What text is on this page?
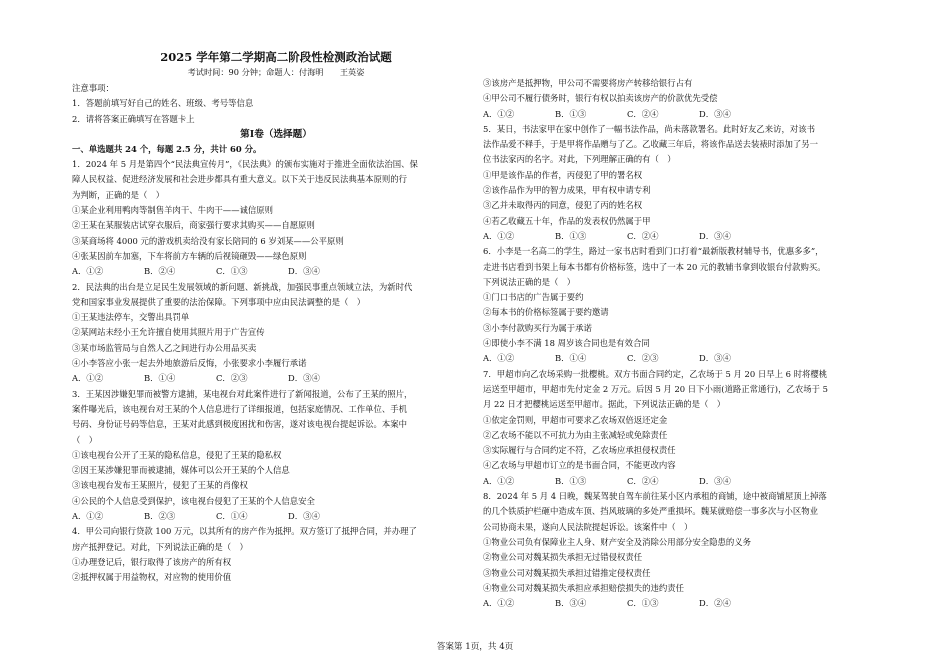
2025 学年第二学期高二阶段性检测政治试题
考试时间：90 分钟；命题人：付海明　　王英姿
注意事项：
1．答题前填写好自己的姓名、班级、考号等信息
2．请将答案正确填写在答题卡上
第Ⅰ卷（选择题）
一、单选题共 24 个，每题 2.5 分，共计 60 分。
1．2024 年 5 月是第四个“民法典宣传月”，《民法典》的颁布实施对于推进全面依法治国、保
障人民权益、促进经济发展和社会进步都具有重大意义。以下关于违反民法典基本原则的行
为判断，正确的是（　）
①某企业利用鸭肉等制售羊肉干、牛肉干——诚信原则
②王某在某服装店试穿衣服后，商家强行要求其购买——自愿原则
③某商场将 4000 元的游戏机卖给没有家长陪同的 6 岁刘某——公平原则
④张某因前车加塞，下车将前方车辆的后视镜砸毁——绿色原则
A．①②	B．②④	C．①③	D．③④
2．民法典的出台是立足民生发展领域的新问题、新挑战，加强民事重点领域立法，为新时代
党和国家事业发展提供了重要的法治保障。下列事项中应由民法调整的是（　）
①王某违法停车，交警出具罚单
②某网站未经小王允许擅自使用其照片用于广告宣传
③某市场监管局与自然人乙之间进行办公用品买卖
④小李答应小张一起去外地旅游后反悔，小张要求小李履行承诺
A．①②	B．①④	C．②③	D．③④
3．王某因涉嫌犯罪而被警方逮捕，某电视台对此案件进行了新闻报道，公布了王某的照片，
案件曝光后，该电视台对王某的个人信息进行了详细报道，包括家庭情况、工作单位、手机
号码、身份证号码等信息，王某对此感到极度困扰和伤害，遂对该电视台提起诉讼。本案中
（　）
①该电视台公开了王某的隐私信息，侵犯了王某的隐私权
②因王某涉嫌犯罪而被逮捕，媒体可以公开王某的个人信息
③该电视台发布王某照片，侵犯了王某的肖像权
④公民的个人信息受到保护，该电视台侵犯了王某的个人信息安全
A．①②	B．②③	C．①④	D．③④
4．甲公司向银行贷款 100 万元，以其所有的房产作为抵押。双方签订了抵押合同，并办理了
房产抵押登记。对此，下列说法正确的是（　）
①办理登记后，银行取得了该房产的所有权
②抵押权属于用益物权，对应物的使用价值
③该房产是抵押物，甲公司不需要将房产转移给银行占有
④甲公司不履行债务时，银行有权以拍卖该房产的价款优先受偿
A．①②	B．①③	C．②④	D．③④
5．某日，书法家甲在家中创作了一幅书法作品，尚未落款署名。此时好友乙来访，对该书
法作品爱不释手，于是甲将作品赠与了乙。乙收藏三年后，将该作品送去装裱时添加了另一
位书法家丙的名字。对此，下列理解正确的有（　）
①甲是该作品的作者，丙侵犯了甲的署名权
②该作品作为甲的智力成果，甲有权申请专利
③乙并未取得丙的同意，侵犯了丙的姓名权
④若乙收藏五十年，作品的发表权仍然属于甲
A．①②	B．①③	C．②④	D．③④
6．小李是一名高二的学生，路过一家书店时看到门口打着“最新版教材辅导书，优惠多多”，
走进书店看到书架上每本书都有价格标签，选中了一本 20 元的教辅书拿到收银台付款购买。
下列说法正确的是（　）
①门口书店的广告属于要约
②每本书的价格标签属于要约邀请
③小李付款购买行为属于承诺
④即使小李不满 18 周岁该合同也是有效合同
A．①②	B．①④	C．②③	D．③④
7．甲超市向乙农场采购一批樱桃。双方书面合同约定，乙农场于 5 月 20 日早上 6 时将樱桃
运送至甲超市，甲超市先付定金 2 万元。后因 5 月 20 日下小雨(道路正常通行)，乙农场于 5
月 22 日才把樱桃运送至甲超市。据此，下列说法正确的是（　）
①依定金罚则，甲超市可要求乙农场双倍返还定金
②乙农场不能以不可抗力为由主张减轻或免除责任
③实际履行与合同约定不符，乙农场应承担侵权责任
④乙农场与甲超市订立的是书面合同，不能更改内容
A．①②	B．①③	C．②④	D．③④
8．2024 年 5 月 4 日晚，魏某驾驶自驾车前往某小区内承租的商铺，途中被商铺屋顶上掉落
的几个铁质护栏砸中造成车顶、挡风玻璃的多处严重损坏。魏某就赔偿一事多次与小区物业
公司协商未果，遂向人民法院提起诉讼。该案件中（　）
①物业公司负有保障业主人身、财产安全及消除公用部分安全隐患的义务
②物业公司对魏某损失承担无过错侵权责任
③物业公司对魏某损失承担过错推定侵权责任
④物业公司对魏某损失承担应承担赔偿损失的违约责任
A．①②	B．③④	C．①③	D．②④
答案第 1页，共 4页
